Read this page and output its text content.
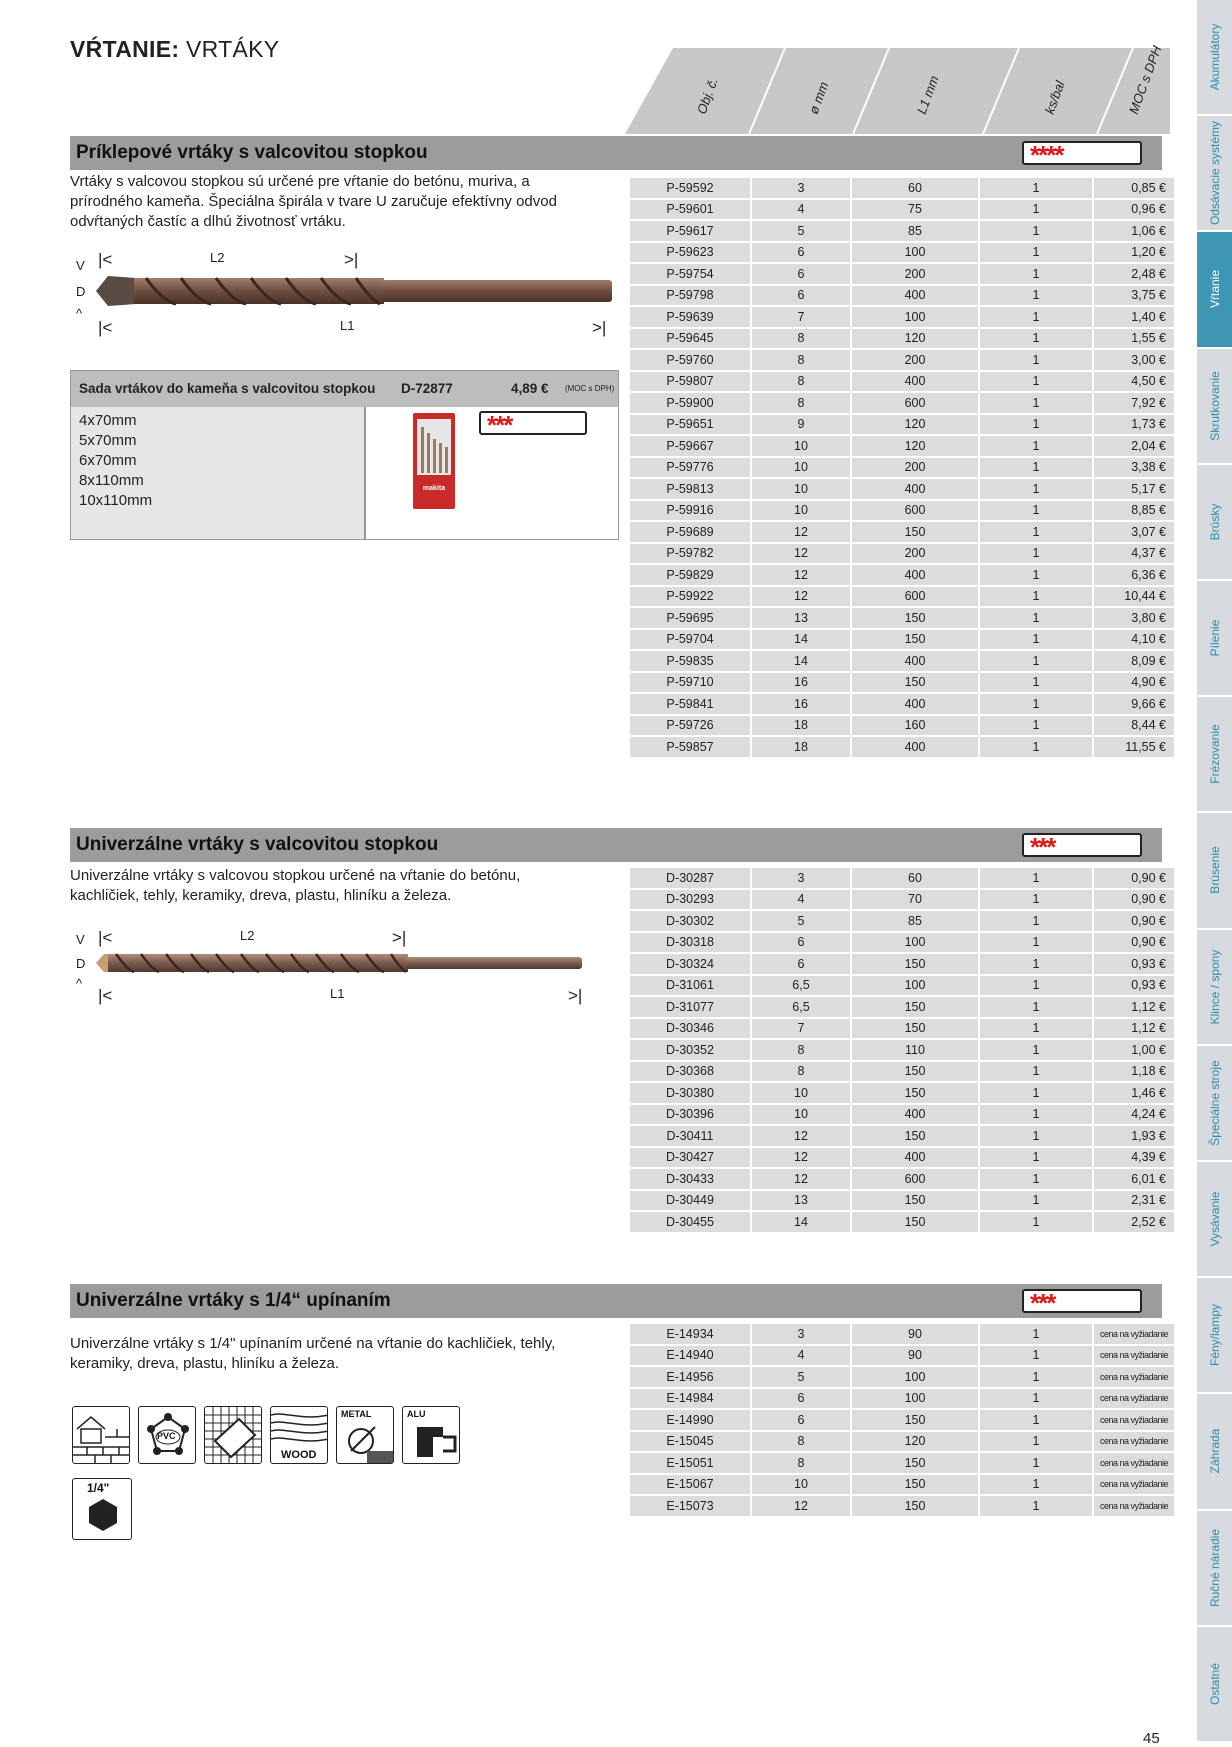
VŔTANIE: VRTÁKY
Obj. č.	ø mm	L1 mm	ks/bal	MOC s DPH
Príklepové vrtáky s valcovitou stopkou	****
Vrtáky s valcovou stopkou sú určené pre vŕtanie do betónu, muriva, a prírodného kameňa. Špeciálna špirála v tvare U zaručuje efektívny odvod odvŕtaných častíc a dlhú životnosť vrtáku.
V
D
^
|<	L2	>|
|<	L1	>|
Sada vrtákov do kameňa s valcovitou stopkou D-72877	4,89 € (MOC s DPH)
4x70mm
5x70mm
6x70mm
8x110mm
10x110mm
makita
***
P-59592	3	60	1	0,85 €
P-59601	4	75	1	0,96 €
P-59617	5	85	1	1,06 €
P-59623	6	100	1	1,20 €
P-59754	6	200	1	2,48 €
P-59798	6	400	1	3,75 €
P-59639	7	100	1	1,40 €
P-59645	8	120	1	1,55 €
P-59760	8	200	1	3,00 €
P-59807	8	400	1	4,50 €
P-59900	8	600	1	7,92 €
P-59651	9	120	1	1,73 €
P-59667	10	120	1	2,04 €
P-59776	10	200	1	3,38 €
P-59813	10	400	1	5,17 €
P-59916	10	600	1	8,85 €
P-59689	12	150	1	3,07 €
P-59782	12	200	1	4,37 €
P-59829	12	400	1	6,36 €
P-59922	12	600	1	10,44 €
P-59695	13	150	1	3,80 €
P-59704	14	150	1	4,10 €
P-59835	14	400	1	8,09 €
P-59710	16	150	1	4,90 €
P-59841	16	400	1	9,66 €
P-59726	18	160	1	8,44 €
P-59857	18	400	1	11,55 €
Univerzálne vrtáky s valcovitou stopkou	***
Univerzálne vrtáky s valcovou stopkou určené na vŕtanie do betónu, kachličiek, tehly, keramiky, dreva, plastu, hliníku a železa.
V
D
^
|<	L2	>|
|<	L1	>|
D-30287	3	60	1	0,90 €
D-30293	4	70	1	0,90 €
D-30302	5	85	1	0,90 €
D-30318	6	100	1	0,90 €
D-30324	6	150	1	0,93 €
D-31061	6,5	100	1	0,93 €
D-31077	6,5	150	1	1,12 €
D-30346	7	150	1	1,12 €
D-30352	8	110	1	1,00 €
D-30368	8	150	1	1,18 €
D-30380	10	150	1	1,46 €
D-30396	10	400	1	4,24 €
D-30411	12	150	1	1,93 €
D-30427	12	400	1	4,39 €
D-30433	12	600	1	6,01 €
D-30449	13	150	1	2,31 €
D-30455	14	150	1	2,52 €
Univerzálne vrtáky s 1/4“ upínaním	***
Univerzálne vrtáky s 1/4" upínaním určené na vŕtanie do kachličiek, tehly, keramiky, dreva, plastu, hliníku a železa.
PVC
WOOD
METAL	ALU
1/4"
E-14934	3	90	1	cena na vyžiadanie
E-14940	4	90	1	cena na vyžiadanie
E-14956	5	100	1	cena na vyžiadanie
E-14984	6	100	1	cena na vyžiadanie
E-14990	6	150	1	cena na vyžiadanie
E-15045	8	120	1	cena na vyžiadanie
E-15051	8	150	1	cena na vyžiadanie
E-15067	10	150	1	cena na vyžiadanie
E-15073	12	150	1	cena na vyžiadanie
Akumulátory
Odsávacie systémy
Vŕtanie
Skrutkovanie
Brúsky
Pílenie
Frézovanie
Brúsenie
Klince / spony
Špeciálne stroje
Vysávanie
Fény/lampy
Záhrada
Ručné náradie
Ostatné
45
